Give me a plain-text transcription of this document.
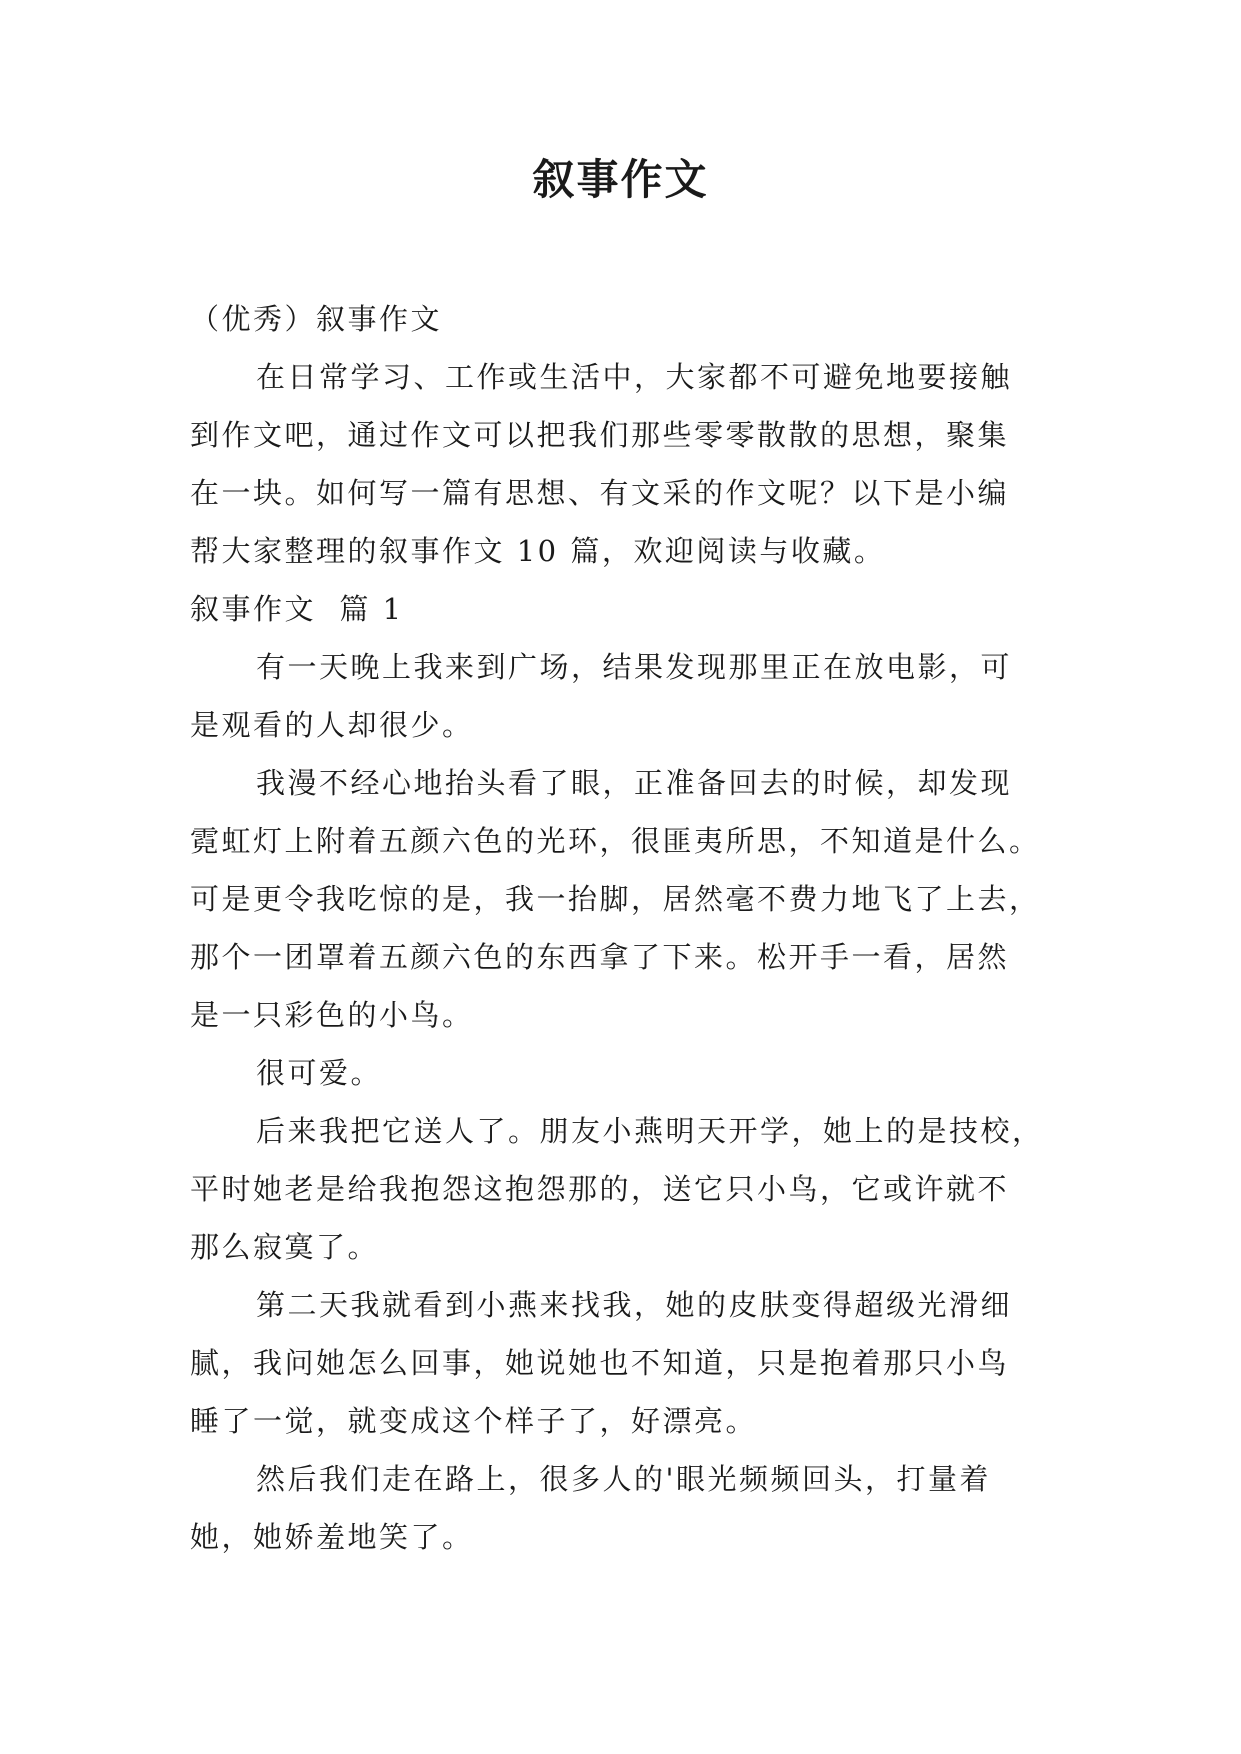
叙事作文

（优秀）叙事作文

在日常学习、工作或生活中，大家都不可避免地要接触

到作文吧，通过作文可以把我们那些零零散散的思想，聚集

在一块。如何写一篇有思想、有文采的作文呢？以下是小编

帮大家整理的叙事作文 10 篇，欢迎阅读与收藏。

叙事作文  篇 1

有一天晚上我来到广场，结果发现那里正在放电影，可

是观看的人却很少。

我漫不经心地抬头看了眼，正准备回去的时候，却发现

霓虹灯上附着五颜六色的光环，很匪夷所思，不知道是什么。

可是更令我吃惊的是，我一抬脚，居然毫不费力地飞了上去，

那个一团罩着五颜六色的东西拿了下来。松开手一看，居然

是一只彩色的小鸟。

很可爱。

后来我把它送人了。朋友小燕明天开学，她上的是技校，

平时她老是给我抱怨这抱怨那的，送它只小鸟，它或许就不

那么寂寞了。

第二天我就看到小燕来找我，她的皮肤变得超级光滑细

腻，我问她怎么回事，她说她也不知道，只是抱着那只小鸟

睡了一觉，就变成这个样子了，好漂亮。

然后我们走在路上，很多人的'眼光频频回头，打量着

她，她娇羞地笑了。
